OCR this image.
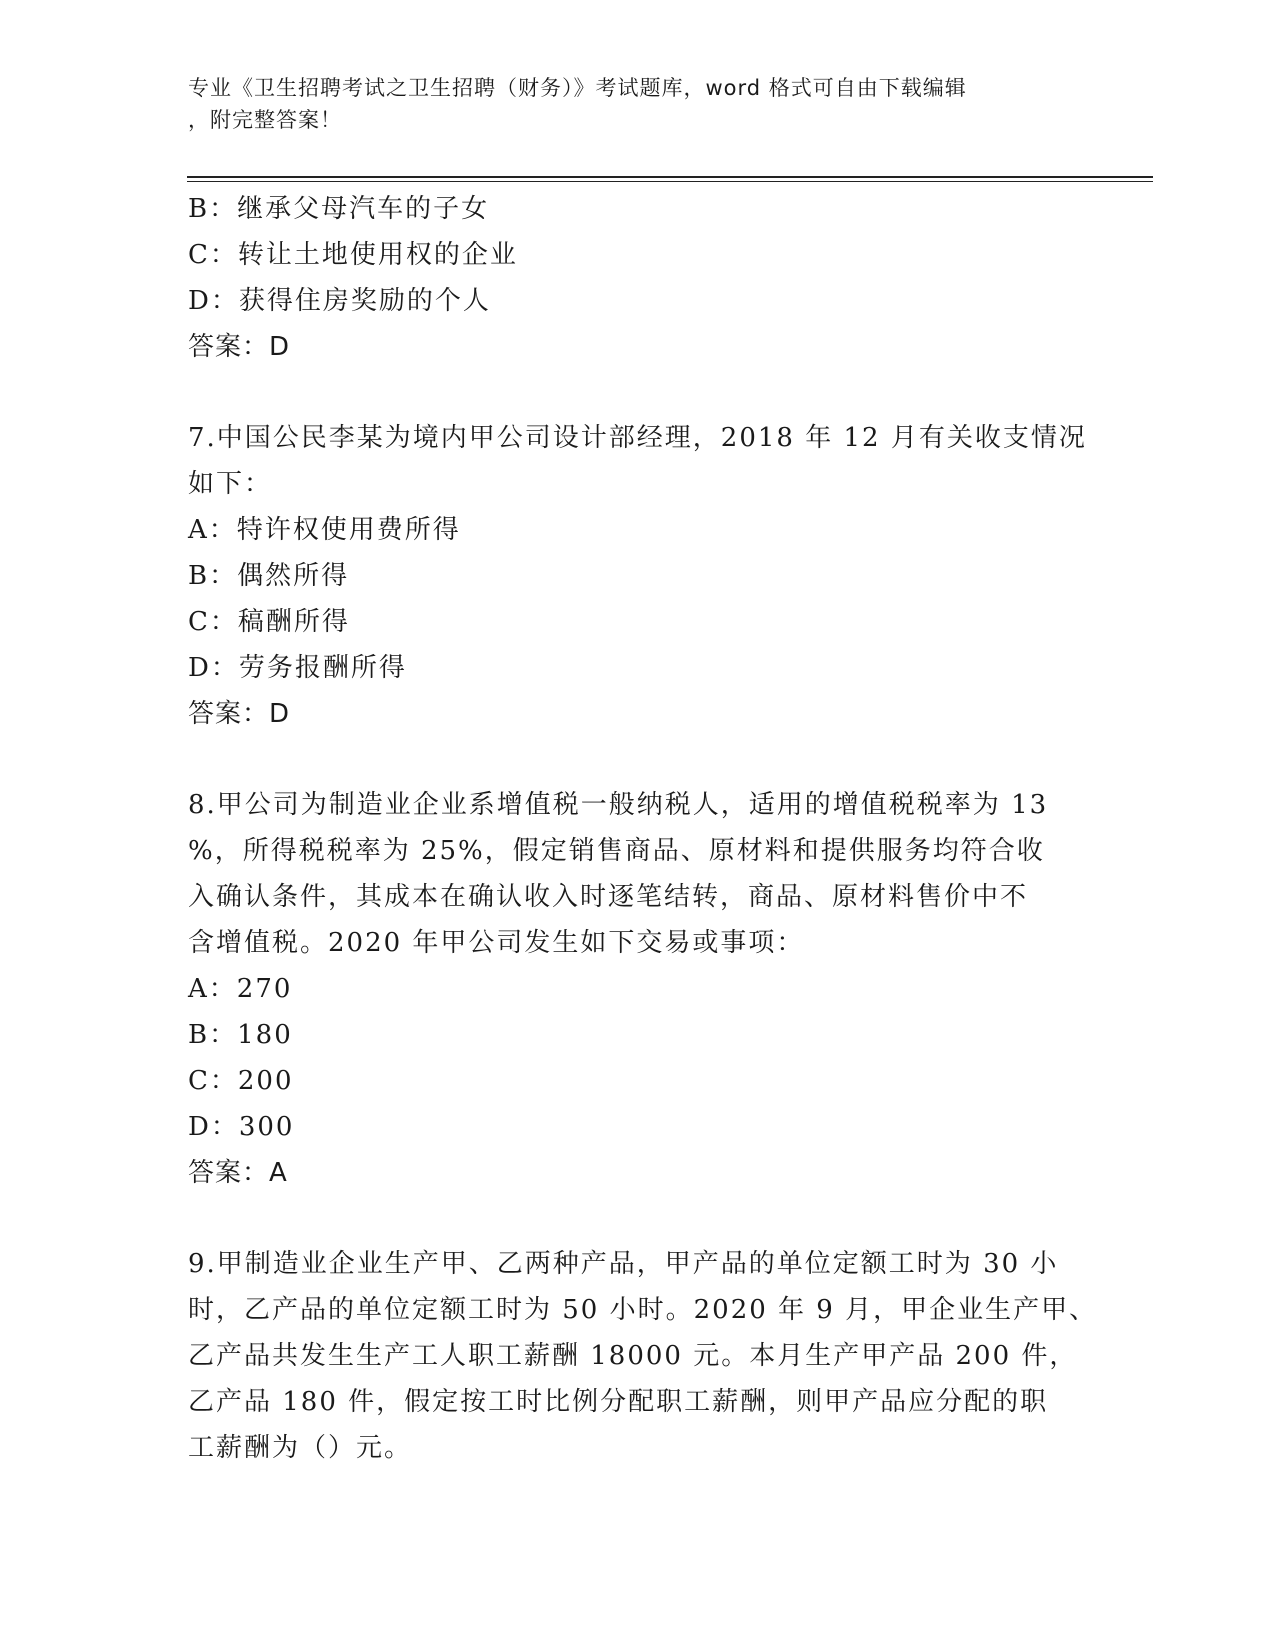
专业《卫生招聘考试之卫生招聘（财务）》考试题库，word 格式可自由下载编辑
，附完整答案！
B：继承父母汽车的子女
C：转让土地使用权的企业
D：获得住房奖励的个人
答案：D
7.中国公民李某为境内甲公司设计部经理，2018 年 12 月有关收支情况
如下：
A：特许权使用费所得
B：偶然所得
C：稿酬所得
D：劳务报酬所得
答案：D
8.甲公司为制造业企业系增值税一般纳税人，适用的增值税税率为 13
%，所得税税率为 25%，假定销售商品、原材料和提供服务均符合收
入确认条件，其成本在确认收入时逐笔结转，商品、原材料售价中不
含增值税。2020 年甲公司发生如下交易或事项：
A：270
B：180
C：200
D：300
答案：A
9.甲制造业企业生产甲、乙两种产品，甲产品的单位定额工时为 30 小
时，乙产品的单位定额工时为 50 小时。2020 年 9 月，甲企业生产甲、
乙产品共发生生产工人职工薪酬 18000 元。本月生产甲产品 200 件，
乙产品 180 件，假定按工时比例分配职工薪酬，则甲产品应分配的职
工薪酬为（）元。
